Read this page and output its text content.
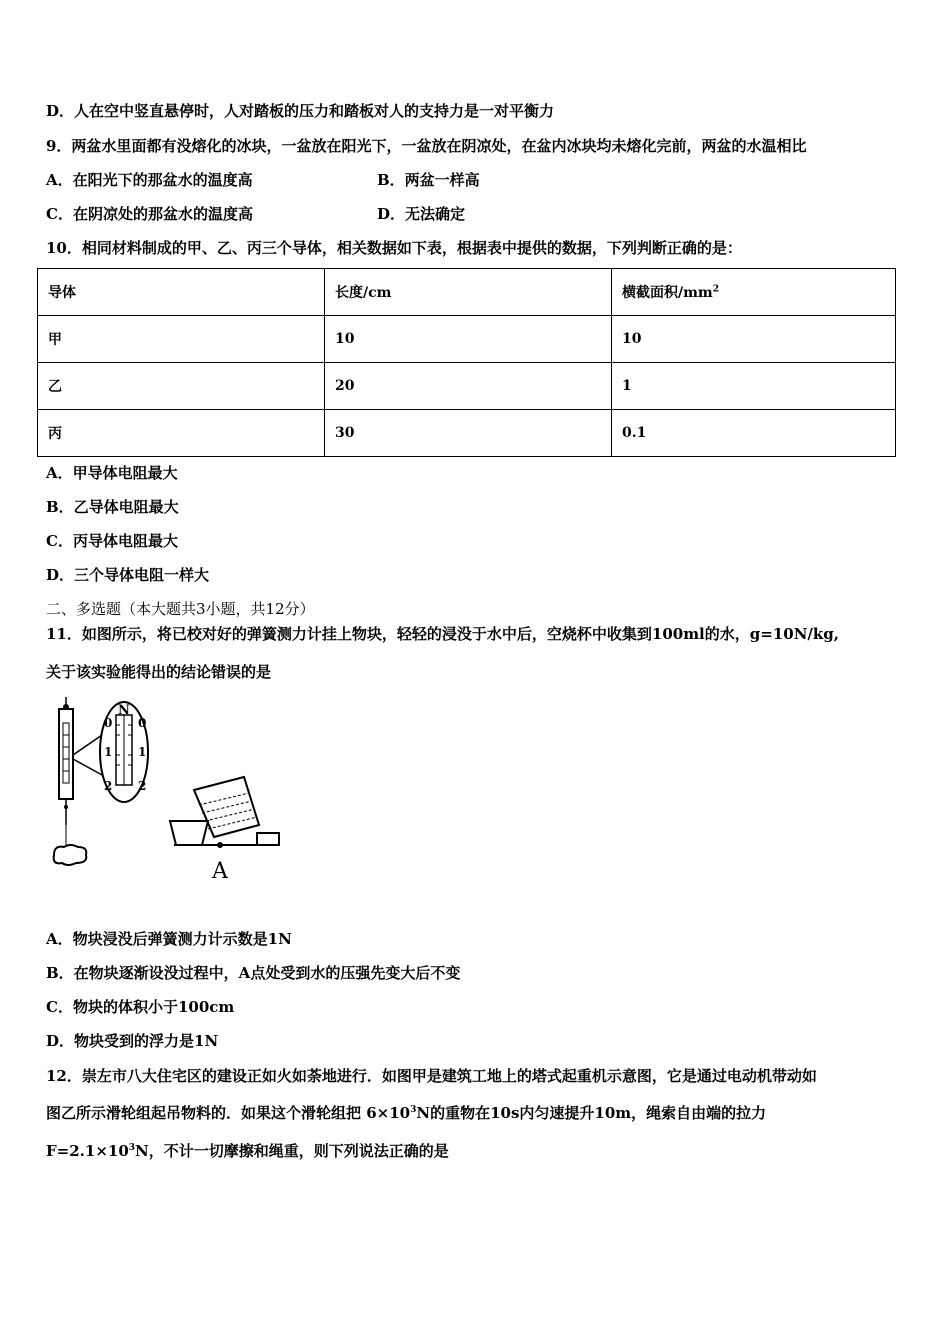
D．人在空中竖直悬停时，人对踏板的压力和踏板对人的支持力是一对平衡力
9．两盆水里面都有没熔化的冰块，一盆放在阳光下，一盆放在阴凉处，在盆内冰块均未熔化完前，两盆的水温相比
A．在阳光下的那盆水的温度高	B．两盆一样高
C．在阴凉处的那盆水的温度高	D．无法确定
10．相同材料制成的甲、乙、丙三个导体，相关数据如下表，根据表中提供的数据，下列判断正确的是：
导体	长度/cm	横截面积$/mm^2$
甲	10	10
乙	20	1
丙	30	0.1
A．甲导体电阻最大
B．乙导体电阻最大
C．丙导体电阻最大
D．三个导体电阻一样大
二、多选题（本大题共3小题，共12分）
11．如图所示，将已校对好的弹簧测力计挂上物块，轻轻的浸没于水中后，空烧杯中收集到100ml的水，g=10N/kg,
关于该实验能得出的结论错误的是
N
0 0
1 1
2 2
A
A．物块浸没后弹簧测力计示数是1N
B．在物块逐渐设没过程中，A点处受到水的压强先变大后不变
C．物块的体积小于100cm
D．物块受到的浮力是1N
12．崇左市八大住宅区的建设正如火如荼地进行．如图甲是建筑工地上的塔式起重机示意图，它是通过电动机带动如
图乙所示滑轮组起吊物料的．如果这个滑轮组把 $6\times 10^3N$的重物在10s内匀速提升10m，绳索自由端的拉力
$F=2.1\times 10^3N$，不计一切摩擦和绳重，则下列说法正确的是
